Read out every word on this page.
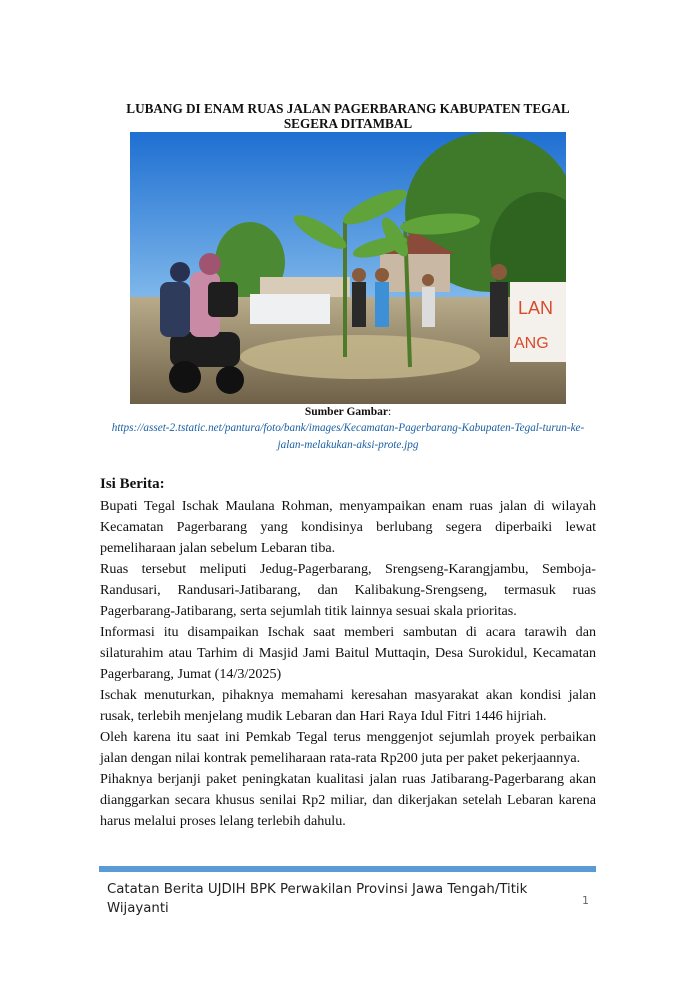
LUBANG DI ENAM RUAS JALAN PAGERBARANG KABUPATEN TEGAL SEGERA DITAMBAL
LAN
ANG
Sumber Gambar:
https://asset-2.tstatic.net/pantura/foto/bank/images/Kecamatan-Pagerbarang-Kabupaten-Tegal-turun-ke-jalan-melakukan-aksi-prote.jpg
Isi Berita:

Bupati Tegal Ischak Maulana Rohman, menyampaikan enam ruas jalan di wilayah Kecamatan Pagerbarang yang kondisinya berlubang segera diperbaiki lewat pemeliharaan jalan sebelum Lebaran tiba.

Ruas tersebut meliputi Jedug-Pagerbarang, Srengseng-Karangjambu, Semboja-Randusari, Randusari-Jatibarang, dan Kalibakung-Srengseng, termasuk ruas Pagerbarang-Jatibarang, serta sejumlah titik lainnya sesuai skala prioritas.

Informasi itu disampaikan Ischak saat memberi sambutan di acara tarawih dan silaturahim atau Tarhim di Masjid Jami Baitul Muttaqin, Desa Surokidul, Kecamatan Pagerbarang, Jumat (14/3/2025)

Ischak menuturkan, pihaknya memahami keresahan masyarakat akan kondisi jalan rusak, terlebih menjelang mudik Lebaran dan Hari Raya Idul Fitri 1446 hijriah.

Oleh karena itu saat ini Pemkab Tegal terus menggenjot sejumlah proyek perbaikan jalan dengan nilai kontrak pemeliharaan rata-rata Rp200 juta per paket pekerjaannya.

Pihaknya berjanji paket peningkatan kualitasi jalan ruas Jatibarang-Pagerbarang akan dianggarkan secara khusus senilai Rp2 miliar, dan dikerjakan setelah Lebaran karena harus melalui proses lelang terlebih dahulu.

Catatan Berita UJDIH BPK Perwakilan Provinsi Jawa Tengah/Titik Wijayanti	1
